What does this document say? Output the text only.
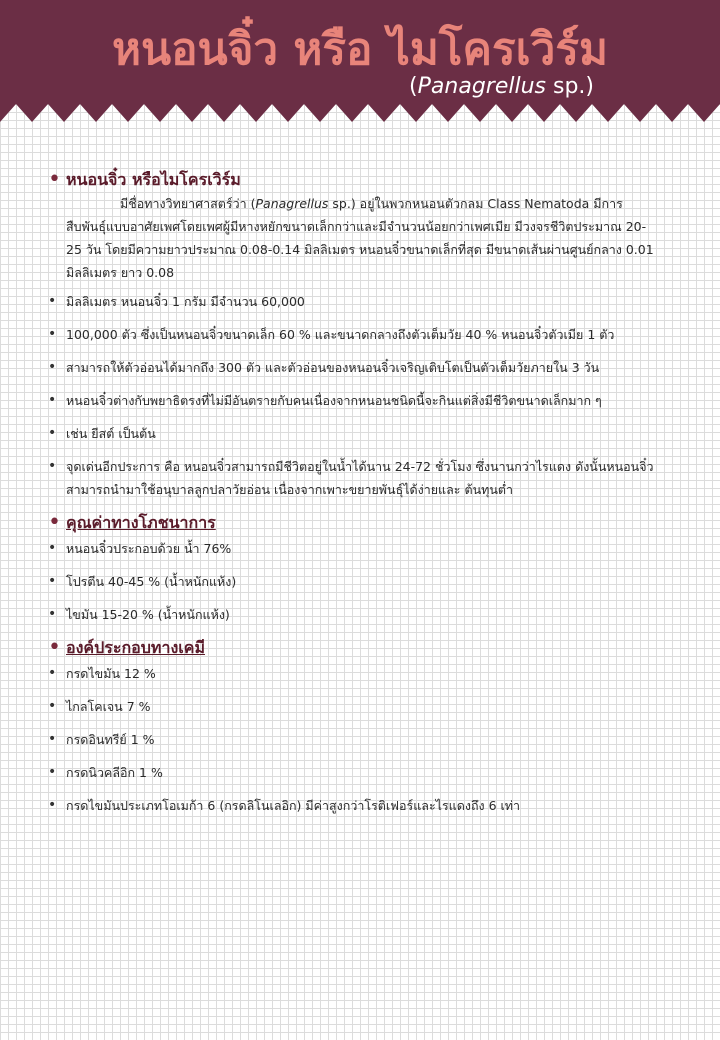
หนอนจิ๋ว หรือ ไมโครเวิร์ม
(Panagrellus sp.)
• หนอนจิ๋ว หรือไมโครเวิร์ม

มีชื่อทางวิทยาศาสตร์ว่า (Panagrellus sp.) อยู่ในพวกหนอนตัวกลม Class Nematoda มีการสืบพันธุ์แบบอาศัยเพศโดยเพศผู้มีหางหยักขนาดเล็กกว่าและมีจำนวนน้อยกว่าเพศเมีย มีวงจรชีวิตประมาณ 20-25 วัน โดยมีความยาวประมาณ 0.08-0.14 มิลลิเมตร หนอนจิ๋วขนาดเล็กที่สุด มีขนาดเส้นผ่านศูนย์กลาง 0.01 มิลลิเมตร ยาว 0.08

• มิลลิเมตร หนอนจิ๋ว 1 กรัม มีจำนวน 60,000
• 100,000 ตัว ซึ่งเป็นหนอนจิ๋วขนาดเล็ก 60 % และขนาดกลางถึงตัวเต็มวัย 40 % หนอนจิ๋วตัวเมีย 1 ตัว
• สามารถให้ตัวอ่อนได้มากถึง 300 ตัว และตัวอ่อนของหนอนจิ๋วเจริญเติบโตเป็นตัวเต็มวัยภายใน 3 วัน
• หนอนจิ๋วต่างกับพยาธิตรงที่ไม่มีอันตรายกับคนเนื่องจากหนอนชนิดนี้จะกินแต่สิ่งมีชีวิตขนาดเล็กมาก ๆ
• เช่น ยีสต์ เป็นต้น
• จุดเด่นอีกประการ คือ หนอนจิ๋วสามารถมีชีวิตอยู่ในน้ำได้นาน 24-72 ชั่วโมง ซึ่งนานกว่าไรแดง ดังนั้นหนอนจิ๋วสามารถนำมาใช้อนุบาลลูกปลาวัยอ่อน เนื่องจากเพาะขยายพันธุ์ได้ง่ายและ ต้นทุนต่ำ
• คุณค่าทางโภชนาการ
• หนอนจิ๋วประกอบด้วย น้ำ 76%
• โปรตีน 40-45 % (น้ำหนักแห้ง)
• ไขมัน 15-20 % (น้ำหนักแห้ง)
• องค์ประกอบทางเคมี
• กรดไขมัน 12 %
• ไกลโคเจน 7 %
• กรดอินทรีย์ 1 %
• กรดนิวคลีอิก 1 %
• กรดไขมันประเภทโอเมก้า 6 (กรดลิโนเลอิก) มีค่าสูงกว่าโรติเฟอร์และไรแดงถึง 6 เท่า
